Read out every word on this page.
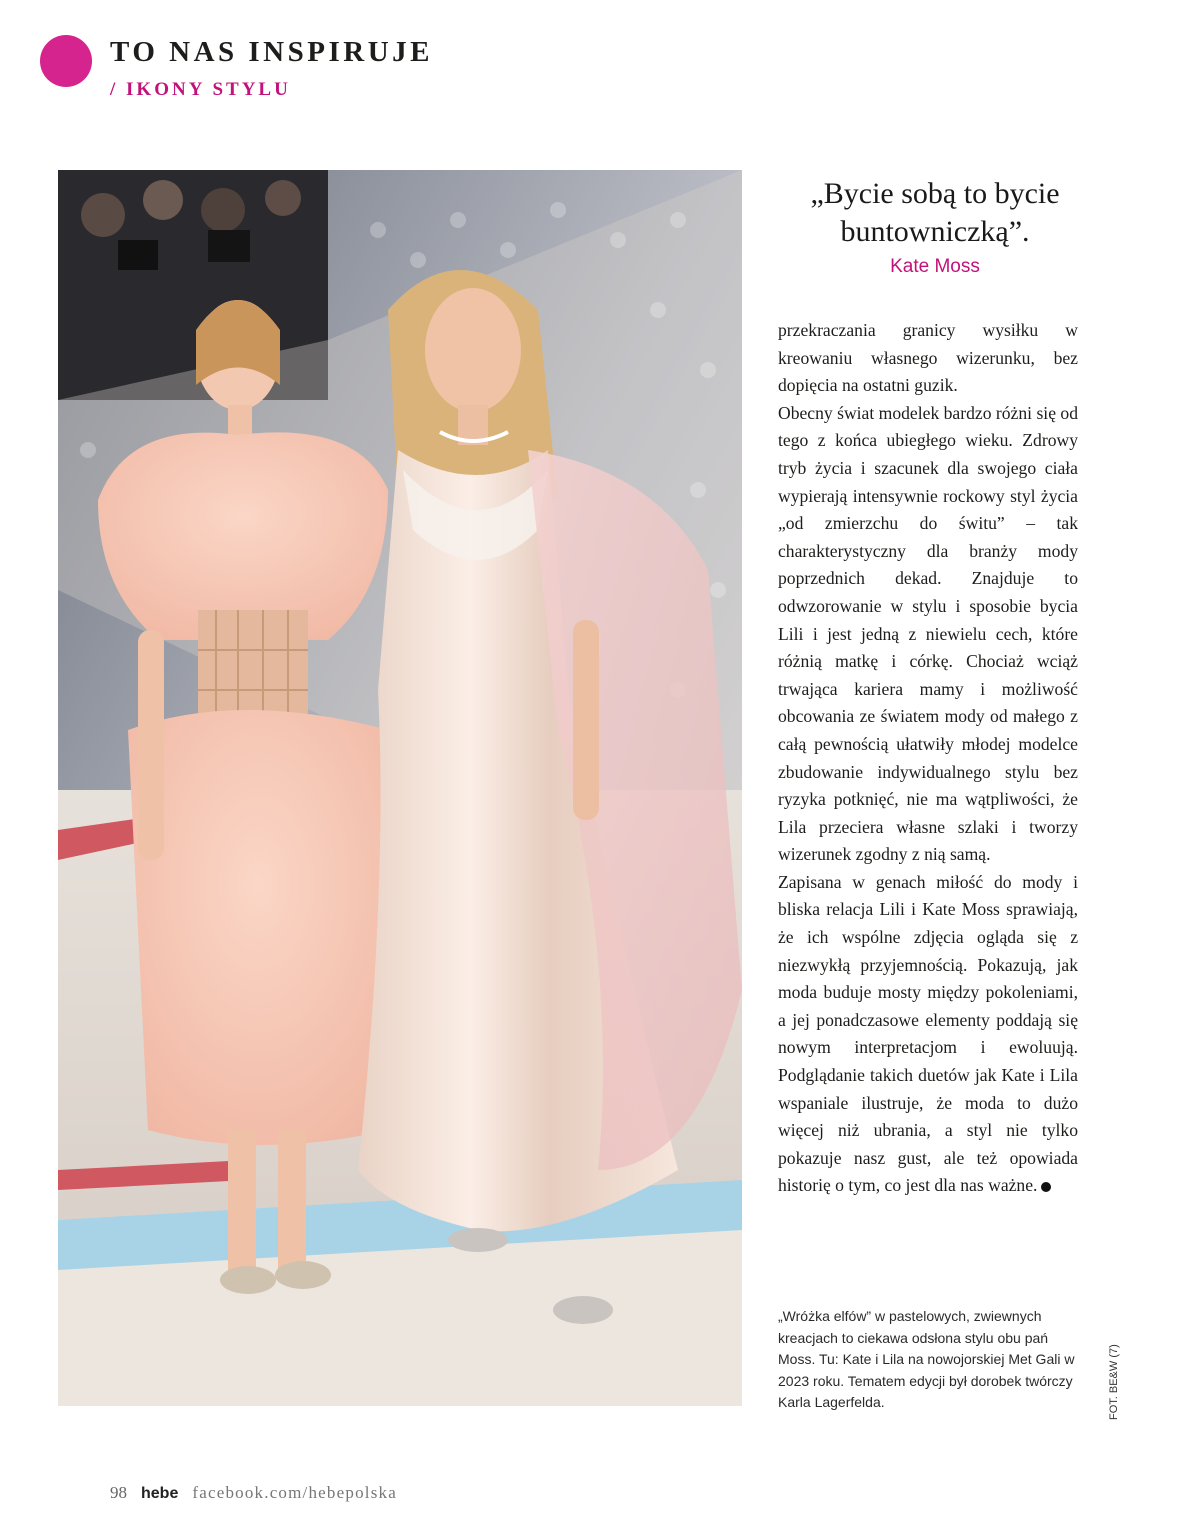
TO NAS INSPIRUJE
/ IKONY STYLU
„Bycie sobą to bycie buntowniczką”.
Kate Moss

przekraczania granicy wysiłku w kreowaniu własnego wizerunku, bez dopięcia na ostatni guzik.

Obecny świat modelek bardzo różni się od tego z końca ubiegłego wieku. Zdrowy tryb życia i szacunek dla swojego ciała wypierają intensywnie rockowy styl życia „od zmierzchu do świtu” – tak charakterystyczny dla branży mody poprzednich dekad. Znajduje to odwzorowanie w stylu i sposobie bycia Lili i jest jedną z niewielu cech, które różnią matkę i córkę. Chociaż wciąż trwająca kariera mamy i możliwość obcowania ze światem mody od małego z całą pewnością ułatwiły młodej modelce zbudowanie indywidualnego stylu bez ryzyka potknięć, nie ma wątpliwości, że Lila przeciera własne szlaki i tworzy wizerunek zgodny z nią samą.

Zapisana w genach miłość do mody i bliska relacja Lili i Kate Moss sprawiają, że ich wspólne zdjęcia ogląda się z niezwykłą przyjemnością. Pokazują, jak moda buduje mosty między pokoleniami, a jej ponadczasowe elementy poddają się nowym interpretacjom i ewoluują. Podglądanie takich duetów jak Kate i Lila wspaniale ilustruje, że moda to dużo więcej niż ubrania, a styl nie tylko pokazuje nasz gust, ale też opowiada historię o tym, co jest dla nas ważne.

„Wróżka elfów” w pastelowych, zwiewnych kreacjach to ciekawa odsłona stylu obu pań Moss. Tu: Kate i Lila na nowojorskiej Met Gali w 2023 roku. Tematem edycji był dorobek twórczy Karla Lagerfelda.	FOT. BE&W (7)
98 hebe facebook.com/hebepolska
